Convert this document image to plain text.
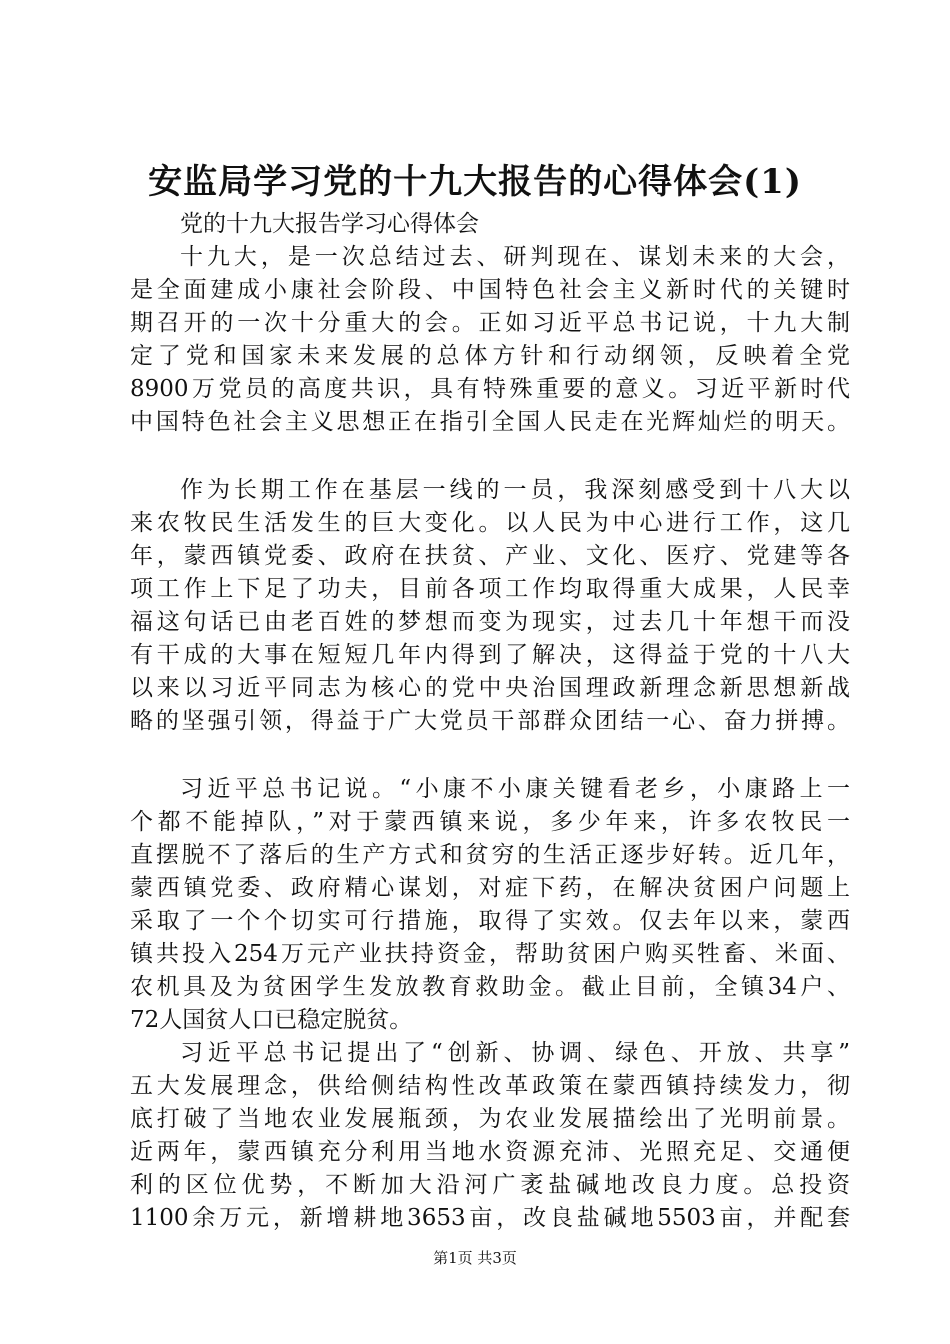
安监局学习党的十九大报告的心得体会(1)
党的十九大报告学习心得体会
十九大，是一次总结过去、研判现在、谋划未来的大会，
是全面建成小康社会阶段、中国特色社会主义新时代的关键时
期召开的一次十分重大的会。正如习近平总书记说，十九大制
定了党和国家未来发展的总体方针和行动纲领，反映着全党
8900万党员的高度共识，具有特殊重要的意义。习近平新时代
中国特色社会主义思想正在指引全国人民走在光辉灿烂的明天。
作为长期工作在基层一线的一员，我深刻感受到十八大以
来农牧民生活发生的巨大变化。以人民为中心进行工作，这几
年，蒙西镇党委、政府在扶贫、产业、文化、医疗、党建等各
项工作上下足了功夫，目前各项工作均取得重大成果，人民幸
福这句话已由老百姓的梦想而变为现实，过去几十年想干而没
有干成的大事在短短几年内得到了解决，这得益于党的十八大
以来以习近平同志为核心的党中央治国理政新理念新思想新战
略的坚强引领，得益于广大党员干部群众团结一心、奋力拼搏。
习近平总书记说。“小康不小康关键看老乡，小康路上一
个都不能掉队，”对于蒙西镇来说，多少年来，许多农牧民一
直摆脱不了落后的生产方式和贫穷的生活正逐步好转。近几年，
蒙西镇党委、政府精心谋划，对症下药，在解决贫困户问题上
采取了一个个切实可行措施，取得了实效。仅去年以来，蒙西
镇共投入254万元产业扶持资金，帮助贫困户购买牲畜、米面、
农机具及为贫困学生发放教育救助金。截止目前，全镇34户、
72人国贫人口已稳定脱贫。
习近平总书记提出了“创新、协调、绿色、开放、共享”
五大发展理念，供给侧结构性改革政策在蒙西镇持续发力，彻
底打破了当地农业发展瓶颈，为农业发展描绘出了光明前景。
近两年，蒙西镇充分利用当地水资源充沛、光照充足、交通便
利的区位优势，不断加大沿河广袤盐碱地改良力度。总投资
1100余万元，新增耕地3653亩，改良盐碱地5503亩，并配套
第1页 共3页
